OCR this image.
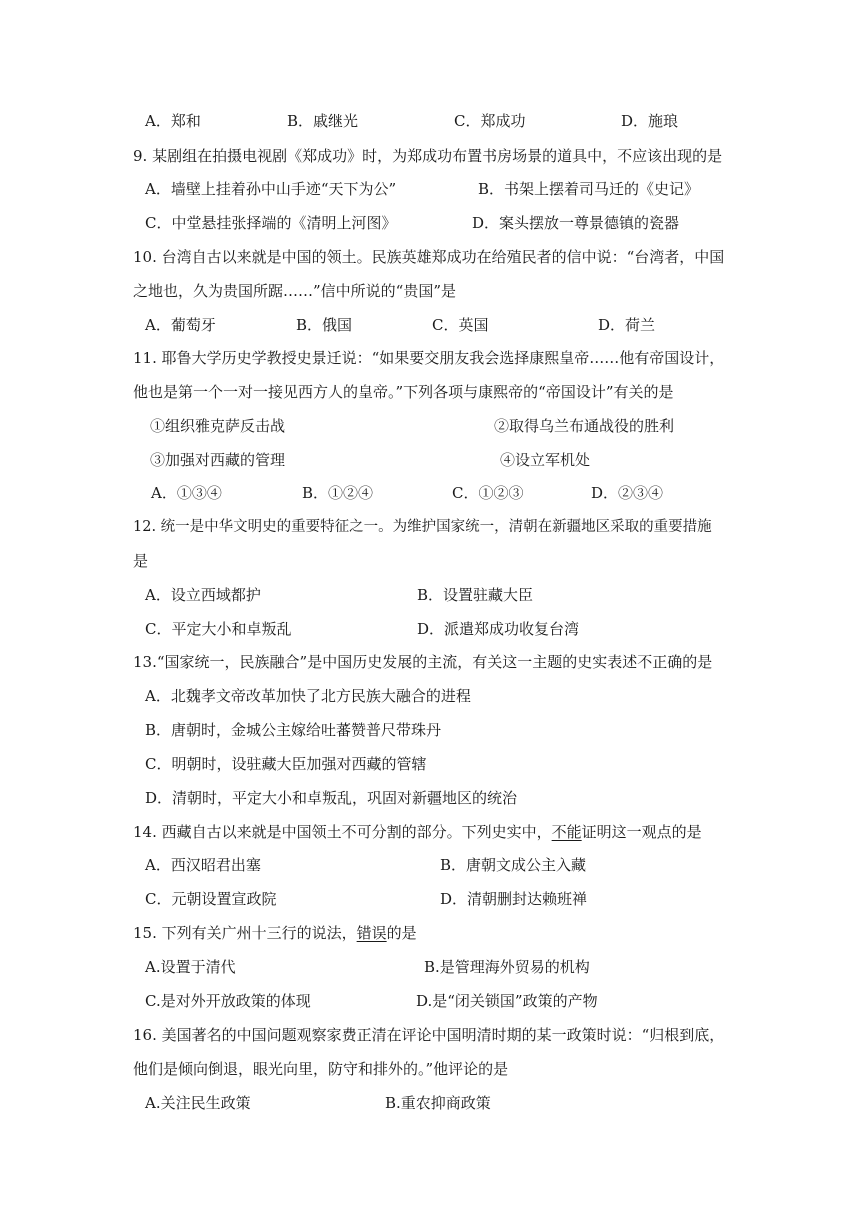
A．郑和	B．戚继光	C．郑成功	D．施琅
9. 某剧组在拍摄电视剧《郑成功》时，为郑成功布置书房场景的道具中，不应该出现的是
A．墙壁上挂着孙中山手迹“天下为公”	B．书架上摆着司马迁的《史记》
C．中堂悬挂张择端的《清明上河图》	D．案头摆放一尊景德镇的瓷器
10. 台湾自古以来就是中国的领土。民族英雄郑成功在给殖民者的信中说：“台湾者，中国
之地也，久为贵国所踞……”信中所说的“贵国”是
A．葡萄牙	B．俄国	C．英国	D．荷兰
11. 耶鲁大学历史学教授史景迁说：“如果要交朋友我会选择康熙皇帝……他有帝国设计，
他也是第一个一对一接见西方人的皇帝。”下列各项与康熙帝的“帝国设计”有关的是
①组织雅克萨反击战	②取得乌兰布通战役的胜利
③加强对西藏的管理	④设立军机处
A．①③④	B．①②④	C．①②③	D．②③④
12. 统一是中华文明史的重要特征之一。为维护国家统一，清朝在新疆地区采取的重要措施
是
A．设立西域都护	B．设置驻藏大臣
C．平定大小和卓叛乱	D．派遣郑成功收复台湾
13.“国家统一，民族融合”是中国历史发展的主流，有关这一主题的史实表述不正确的是
A．北魏孝文帝改革加快了北方民族大融合的进程
B．唐朝时，金城公主嫁给吐蕃赞普尺带珠丹
C．明朝时，设驻藏大臣加强对西藏的管辖
D．清朝时，平定大小和卓叛乱，巩固对新疆地区的统治
14. 西藏自古以来就是中国领土不可分割的部分。下列史实中，不能证明这一观点的是
A．西汉昭君出塞	B．唐朝文成公主入藏
C．元朝设置宣政院	D．清朝删封达赖班禅
15. 下列有关广州十三行的说法，错误的是
A.设置于清代	B.是管理海外贸易的机构
C.是对外开放政策的体现	D.是“闭关锁国”政策的产物
16. 美国著名的中国问题观察家费正清在评论中国明清时期的某一政策时说：“归根到底，
他们是倾向倒退，眼光向里，防守和排外的。”他评论的是
A.关注民生政策	B.重农抑商政策
